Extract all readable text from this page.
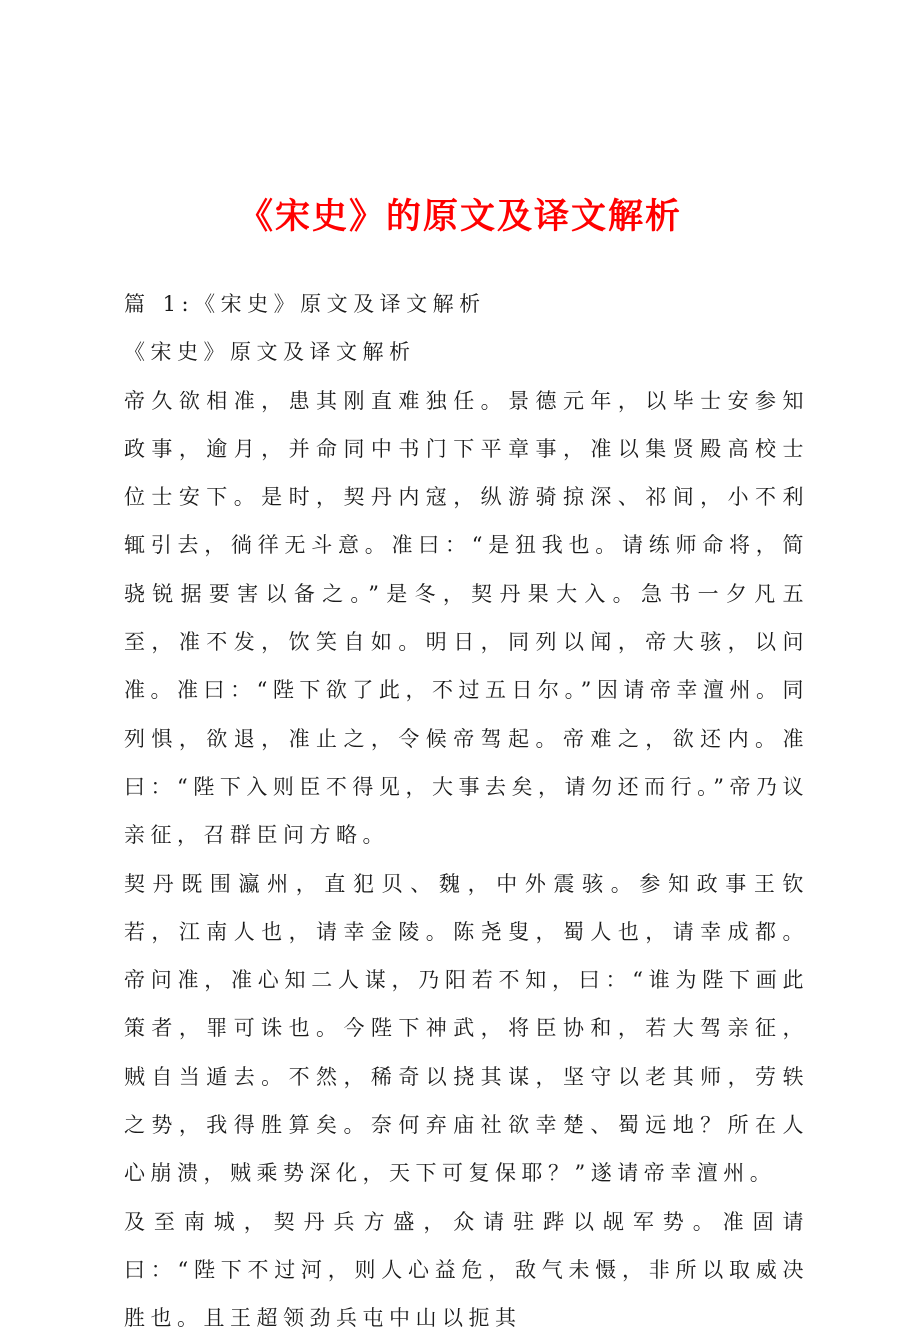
《宋史》的原文及译文解析

篇 1:《宋史》原文及译文解析

《宋史》原文及译文解析

帝久欲相准，患其刚直难独任。景德元年，以毕士安参知政事，逾月，并命同中书门下平章事，准以集贤殿高校士位士安下。是时，契丹内寇，纵游骑掠深、祁间，小不利辄引去，徜徉无斗意。准曰：“是狃我也。请练师命将，简骁锐据要害以备之。”是冬，契丹果大入。急书一夕凡五至，准不发，饮笑自如。明日，同列以闻，帝大骇，以问准。准曰：“陛下欲了此，不过五日尔。”因请帝幸澶州。同列惧，欲退，准止之，令候帝驾起。帝难之，欲还内。准曰：“陛下入则臣不得见，大事去矣，请勿还而行。”帝乃议亲征，召群臣问方略。

契丹既围瀛州，直犯贝、魏，中外震骇。参知政事王钦若，江南人也，请幸金陵。陈尧叟，蜀人也，请幸成都。帝问准，准心知二人谋，乃阳若不知，曰：“谁为陛下画此策者，罪可诛也。今陛下神武，将臣协和，若大驾亲征，贼自当遁去。不然，稀奇以挠其谋，坚守以老其师，劳轶之势，我得胜算矣。奈何弃庙社欲幸楚、蜀远地？所在人心崩溃，贼乘势深化，天下可复保耶？”遂请帝幸澶州。

及至南城，契丹兵方盛，众请驻跸以觇军势。准固请曰：“陛下不过河，则人心益危，敌气未慑，非所以取威决胜也。且王超领劲兵屯中山以扼其
